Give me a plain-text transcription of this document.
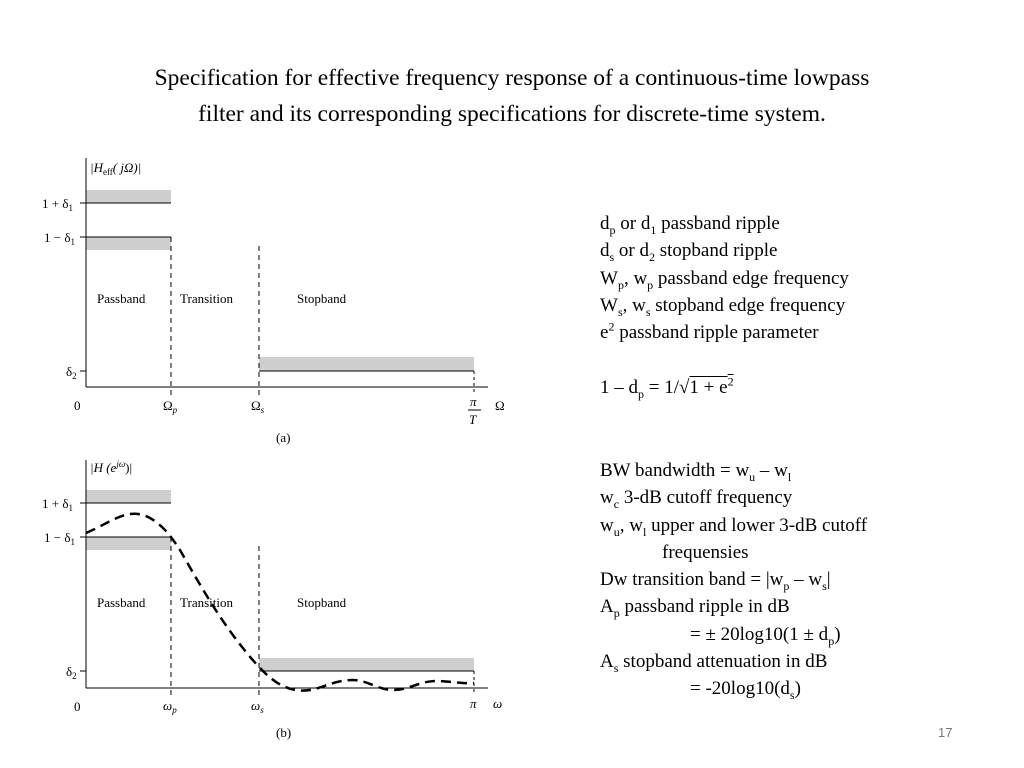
Specification for effective frequency response of a continuous-time lowpass
filter and its corresponding specifications for discrete-time system.
$|H_{eff}$( jΩ)|
$1 + \delta_1$
$1 - \delta_1$
$\delta_2$
0
Passband	Transition	Stopband
$\Omega_p$	$\Omega_s$
π
T
Ω
(a)
|H $(e^{j\omega})|$
$1 + \delta_1$
$1 - \delta_1$
$\delta_2$
0
Passband	Transition	Stopband
$\omega_p$	$\omega_s$	π ω
(b)
$d_p$ or $d_1$ passband ripple
$d_s$ or $d_2$ stopband ripple
$W_p$, $w_p$ passband edge frequency
$W_s$, $w_s$ stopband edge frequency
$e^2$ passband ripple parameter
$1 - d_p = 1/√1 + e^2$
BW bandwidth = $w_u - w_l$
$w_c$ 3-dB cutoff frequency
$w_u$, $w_l$ upper and lower 3-dB cutoff
frequensies
Dw transition band = $|w_p - w_s|$
$A_p$ passband ripple in dB
= ± $20\log 10(1 \pm d_p)$
$A_s$ stopband attenuation in dB
= $-20\log 10(d_s)$
17
